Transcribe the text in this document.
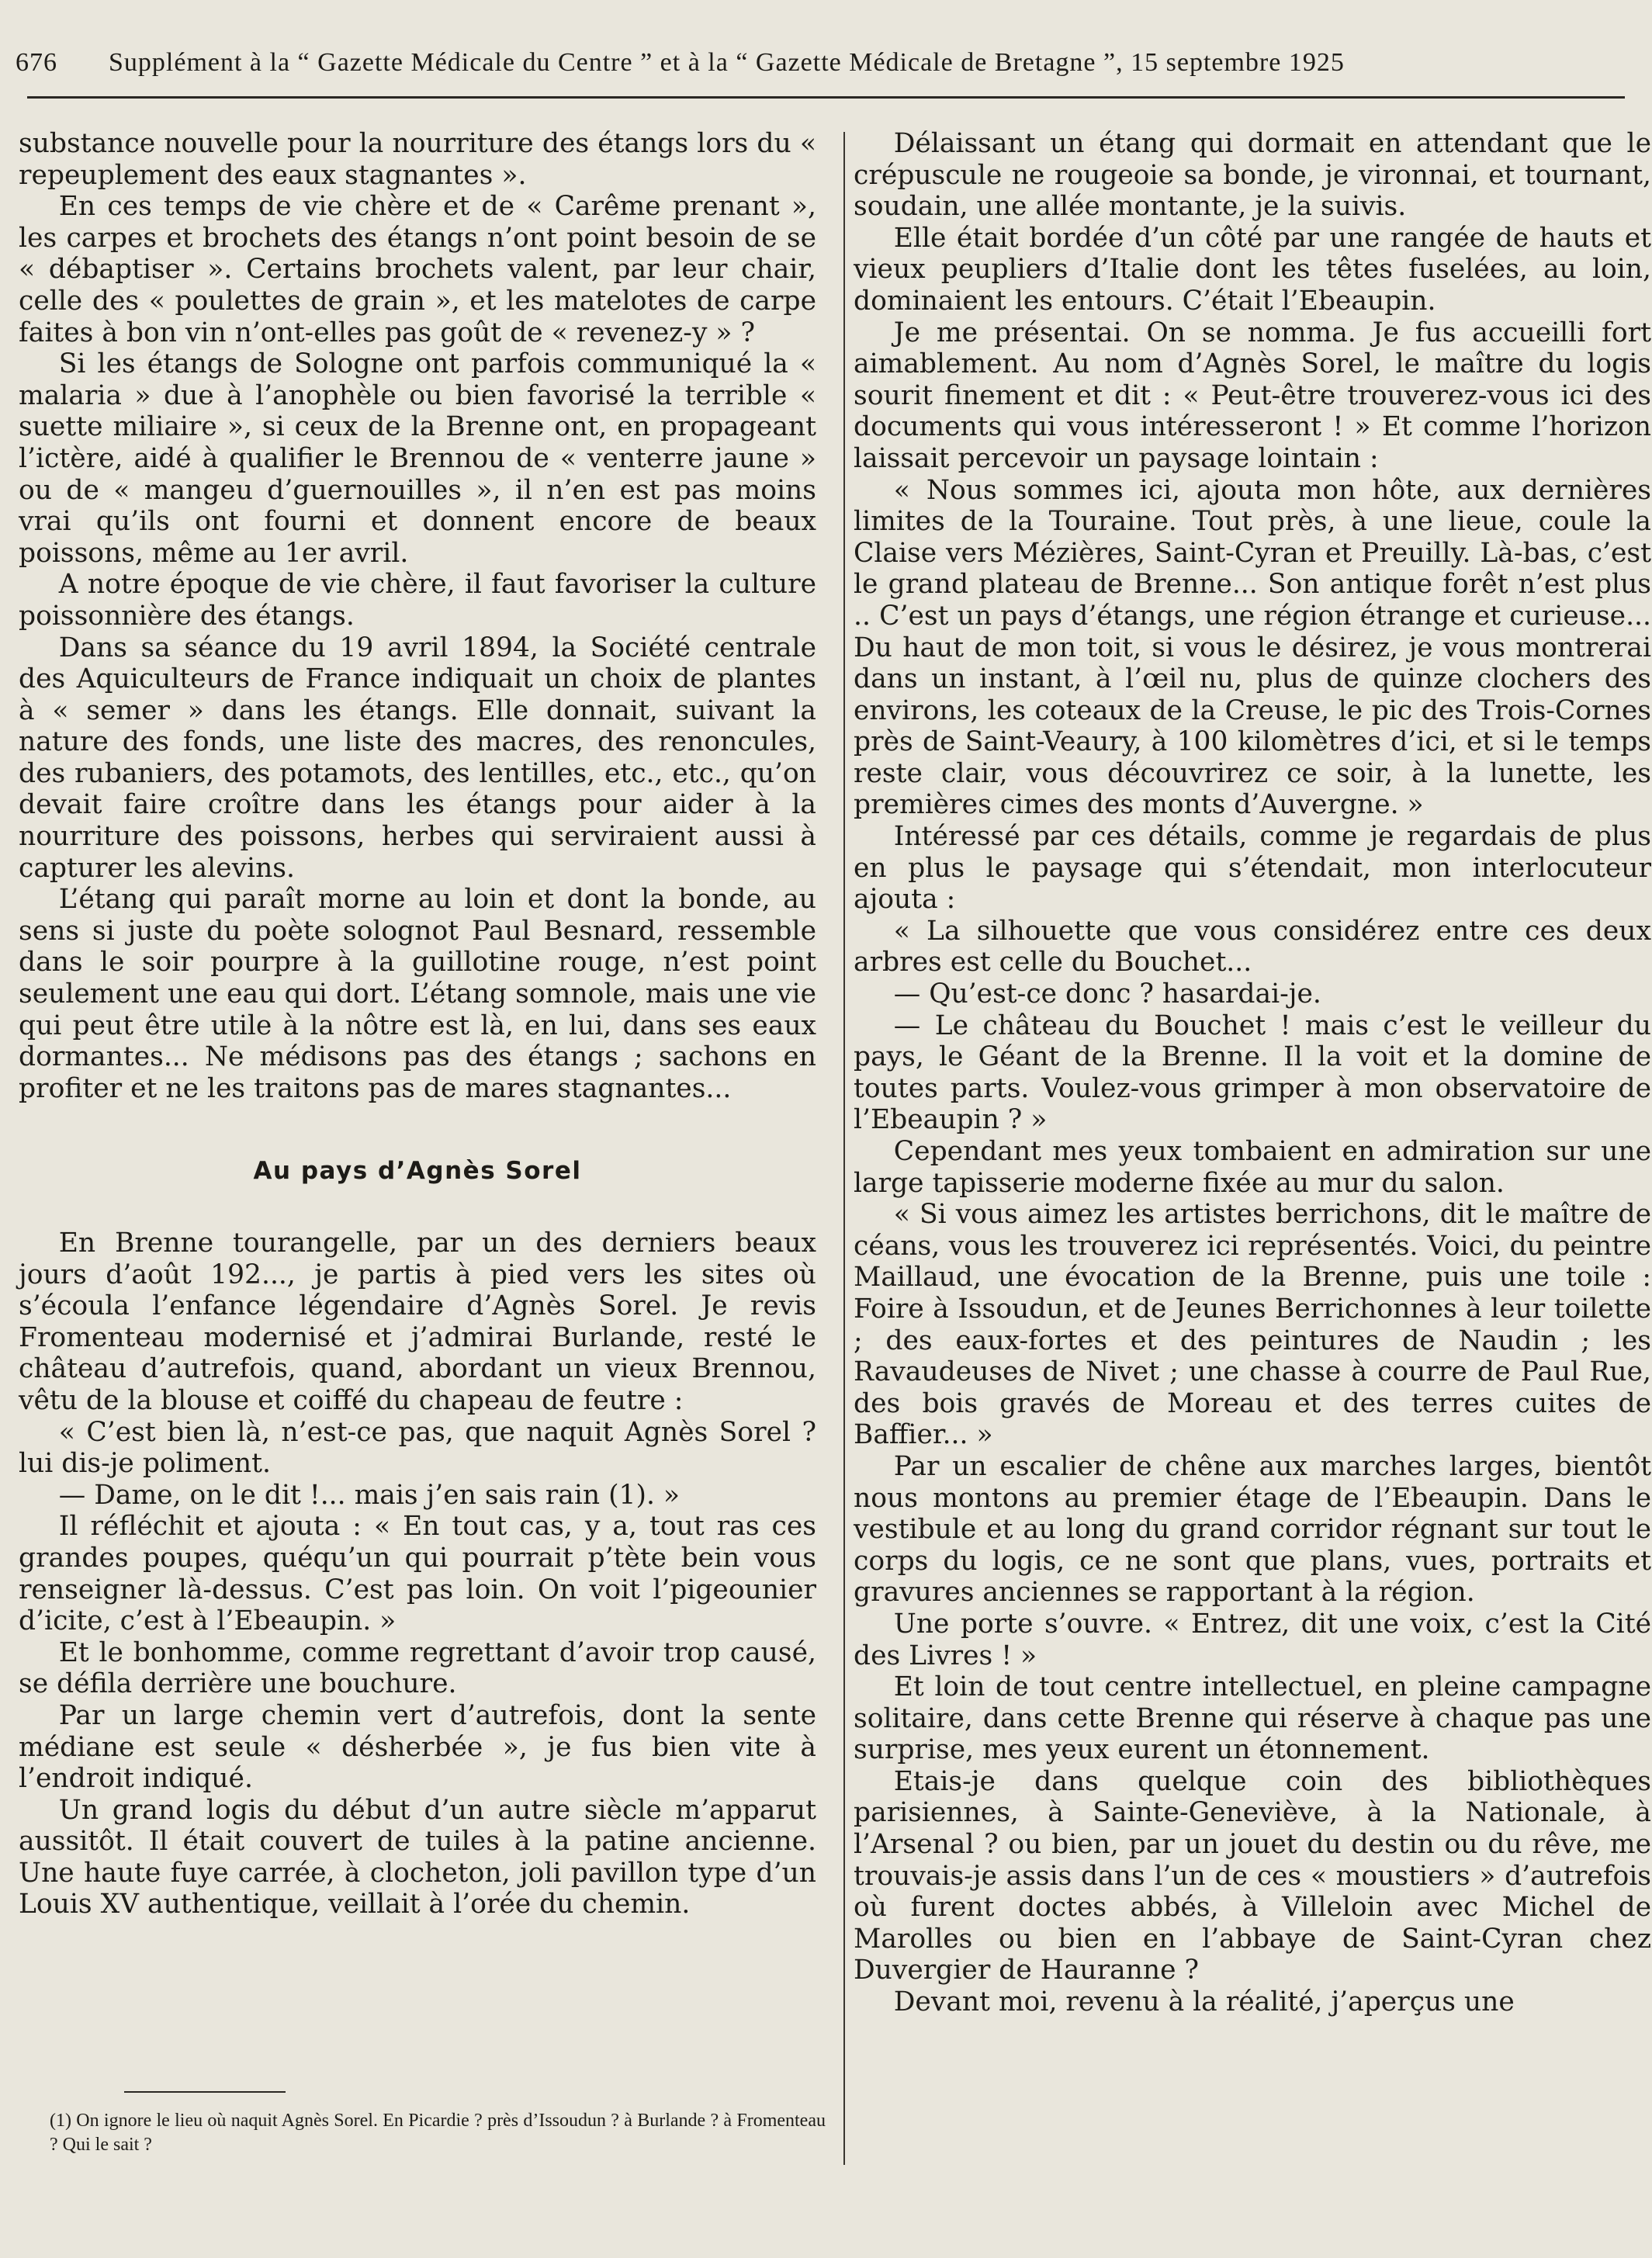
676 Supplément à la “ Gazette Médicale du Centre ” et à la “ Gazette Médicale de Bretagne ”, 15 septembre 1925

substance nouvelle pour la nourriture des étangs lors du « repeuplement des eaux stagnantes ».

En ces temps de vie chère et de « Carême prenant », les carpes et brochets des étangs n’ont point besoin de se « débaptiser ». Certains brochets valent, par leur chair, celle des « poulettes de grain », et les matelotes de carpe faites à bon vin n’ont-elles pas goût de « revenez-y » ?

Si les étangs de Sologne ont parfois communiqué la « malaria » due à l’anophèle ou bien favorisé la terrible « suette miliaire », si ceux de la Brenne ont, en propageant l’ictère, aidé à qualifier le Brennou de « venterre jaune » ou de « mangeu d’guernouilles », il n’en est pas moins vrai qu’ils ont fourni et donnent encore de beaux poissons, même au 1er avril.

A notre époque de vie chère, il faut favoriser la culture poissonnière des étangs.

Dans sa séance du 19 avril 1894, la Société centrale des Aquiculteurs de France indiquait un choix de plantes à « semer » dans les étangs. Elle donnait, suivant la nature des fonds, une liste des macres, des renoncules, des rubaniers, des potamots, des lentilles, etc., etc., qu’on devait faire croître dans les étangs pour aider à la nourriture des poissons, herbes qui serviraient aussi à capturer les alevins.

L’étang qui paraît morne au loin et dont la bonde, au sens si juste du poète solognot Paul Besnard, ressemble dans le soir pourpre à la guillotine rouge, n’est point seulement une eau qui dort. L’étang somnole, mais une vie qui peut être utile à la nôtre est là, en lui, dans ses eaux dormantes... Ne médisons pas des étangs ; sachons en profiter et ne les traitons pas de mares stagnantes...

Au pays d’Agnès Sorel

En Brenne tourangelle, par un des derniers beaux jours d’août 192..., je partis à pied vers les sites où s’écoula l’enfance légendaire d’Agnès Sorel. Je revis Fromenteau modernisé et j’admirai Burlande, resté le château d’autrefois, quand, abordant un vieux Brennou, vêtu de la blouse et coiffé du chapeau de feutre :

« C’est bien là, n’est-ce pas, que naquit Agnès Sorel ? lui dis-je poliment.

— Dame, on le dit !... mais j’en sais rain (1). »

Il réfléchit et ajouta : « En tout cas, y a, tout ras ces grandes poupes, quéqu’un qui pourrait p’tète bein vous renseigner là-dessus. C’est pas loin. On voit l’pigeounier d’icite, c’est à l’Ebeaupin. »

Et le bonhomme, comme regrettant d’avoir trop causé, se défila derrière une bouchure.

Par un large chemin vert d’autrefois, dont la sente médiane est seule « désherbée », je fus bien vite à l’endroit indiqué.

Un grand logis du début d’un autre siècle m’apparut aussitôt. Il était couvert de tuiles à la patine ancienne. Une haute fuye carrée, à clocheton, joli pavillon type d’un Louis XV authentique, veillait à l’orée du chemin.

(1) On ignore le lieu où naquit Agnès Sorel. En Picardie ? près d’Issoudun ? à Burlande ? à Fromenteau ? Qui le sait ?

Délaissant un étang qui dormait en attendant que le crépuscule ne rougeoie sa bonde, je vironnai, et tournant, soudain, une allée montante, je la suivis.

Elle était bordée d’un côté par une rangée de hauts et vieux peupliers d’Italie dont les têtes fuselées, au loin, dominaient les entours. C’était l’Ebeaupin.

Je me présentai. On se nomma. Je fus accueilli fort aimablement. Au nom d’Agnès Sorel, le maître du logis sourit finement et dit : « Peut-être trouverez-vous ici des documents qui vous intéresseront ! » Et comme l’horizon laissait percevoir un paysage lointain :

« Nous sommes ici, ajouta mon hôte, aux dernières limites de la Touraine. Tout près, à une lieue, coule la Claise vers Mézières, Saint-Cyran et Preuilly. Là-bas, c’est le grand plateau de Brenne... Son antique forêt n’est plus .. C’est un pays d’étangs, une région étrange et curieuse... Du haut de mon toit, si vous le désirez, je vous montrerai dans un instant, à l’œil nu, plus de quinze clochers des environs, les coteaux de la Creuse, le pic des Trois-Cornes près de Saint-Veaury, à 100 kilomètres d’ici, et si le temps reste clair, vous découvrirez ce soir, à la lunette, les premières cimes des monts d’Auvergne. »

Intéressé par ces détails, comme je regardais de plus en plus le paysage qui s’étendait, mon interlocuteur ajouta :

« La silhouette que vous considérez entre ces deux arbres est celle du Bouchet...

— Qu’est-ce donc ? hasardai-je.

— Le château du Bouchet ! mais c’est le veilleur du pays, le Géant de la Brenne. Il la voit et la domine de toutes parts. Voulez-vous grimper à mon observatoire de l’Ebeaupin ? »

Cependant mes yeux tombaient en admiration sur une large tapisserie moderne fixée au mur du salon.

« Si vous aimez les artistes berrichons, dit le maître de céans, vous les trouverez ici représentés. Voici, du peintre Maillaud, une évocation de la Brenne, puis une toile : Foire à Issoudun, et de Jeunes Berrichonnes à leur toilette ; des eaux-fortes et des peintures de Naudin ; les Ravaudeuses de Nivet ; une chasse à courre de Paul Rue, des bois gravés de Moreau et des terres cuites de Baffier... »

Par un escalier de chêne aux marches larges, bientôt nous montons au premier étage de l’Ebeaupin. Dans le vestibule et au long du grand corridor régnant sur tout le corps du logis, ce ne sont que plans, vues, portraits et gravures anciennes se rapportant à la région.

Une porte s’ouvre. « Entrez, dit une voix, c’est la Cité des Livres ! »

Et loin de tout centre intellectuel, en pleine campagne solitaire, dans cette Brenne qui réserve à chaque pas une surprise, mes yeux eurent un étonnement.

Etais-je dans quelque coin des bibliothèques parisiennes, à Sainte-Geneviève, à la Nationale, à l’Arsenal ? ou bien, par un jouet du destin ou du rêve, me trouvais-je assis dans l’un de ces « moustiers » d’autrefois où furent doctes abbés, à Villeloin avec Michel de Marolles ou bien en l’abbaye de Saint-Cyran chez Duvergier de Hauranne ?

Devant moi, revenu à la réalité, j’aperçus une
